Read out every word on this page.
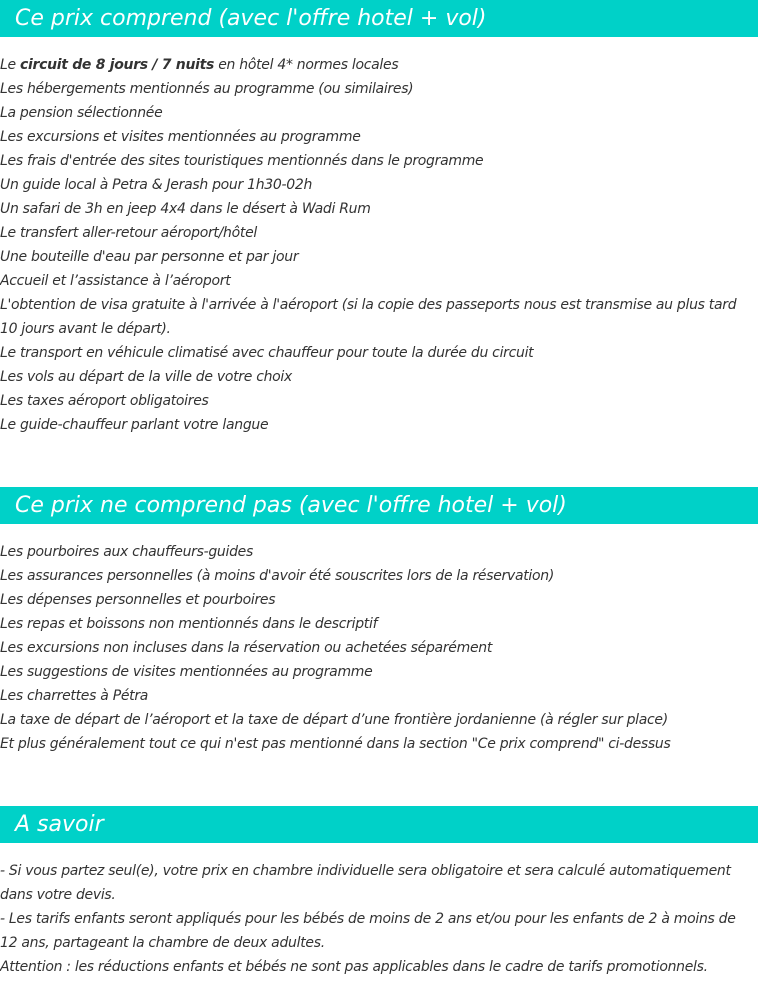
Ce prix comprend (avec l'offre hotel + vol)
Le circuit de 8 jours / 7 nuits en hôtel 4* normes locales
Les hébergements mentionnés au programme (ou similaires)
La pension sélectionnée
Les excursions et visites mentionnées au programme
Les frais d'entrée des sites touristiques mentionnés dans le programme
Un guide local à Petra & Jerash pour 1h30-02h
Un safari de 3h en jeep 4x4 dans le désert à Wadi Rum
Le transfert aller-retour aéroport/hôtel
Une bouteille d'eau par personne et par jour
Accueil et l’assistance à l’aéroport
L'obtention de visa gratuite à l'arrivée à l'aéroport (si la copie des passeports nous est transmise au plus tard 10 jours avant le départ).
Le transport en véhicule climatisé avec chauffeur pour toute la durée du circuit
Les vols au départ de la ville de votre choix
Les taxes aéroport obligatoires
Le guide-chauffeur parlant votre langue
Ce prix ne comprend pas (avec l'offre hotel + vol)
Les pourboires aux chauffeurs-guides
Les assurances personnelles (à moins d'avoir été souscrites lors de la réservation)
Les dépenses personnelles et pourboires
Les repas et boissons non mentionnés dans le descriptif
Les excursions non incluses dans la réservation ou achetées séparément
Les suggestions de visites mentionnées au programme
Les charrettes à Pétra
La taxe de départ de l’aéroport et la taxe de départ d’une frontière jordanienne (à régler sur place)
Et plus généralement tout ce qui n'est pas mentionné dans la section "Ce prix comprend" ci-dessus
A savoir
- Si vous partez seul(e), votre prix en chambre individuelle sera obligatoire et sera calculé automatiquement dans votre devis.
- Les tarifs enfants seront appliqués pour les bébés de moins de 2 ans et/ou pour les enfants de 2 à moins de 12 ans, partageant la chambre de deux adultes.
Attention : les réductions enfants et bébés ne sont pas applicables dans le cadre de tarifs promotionnels.
